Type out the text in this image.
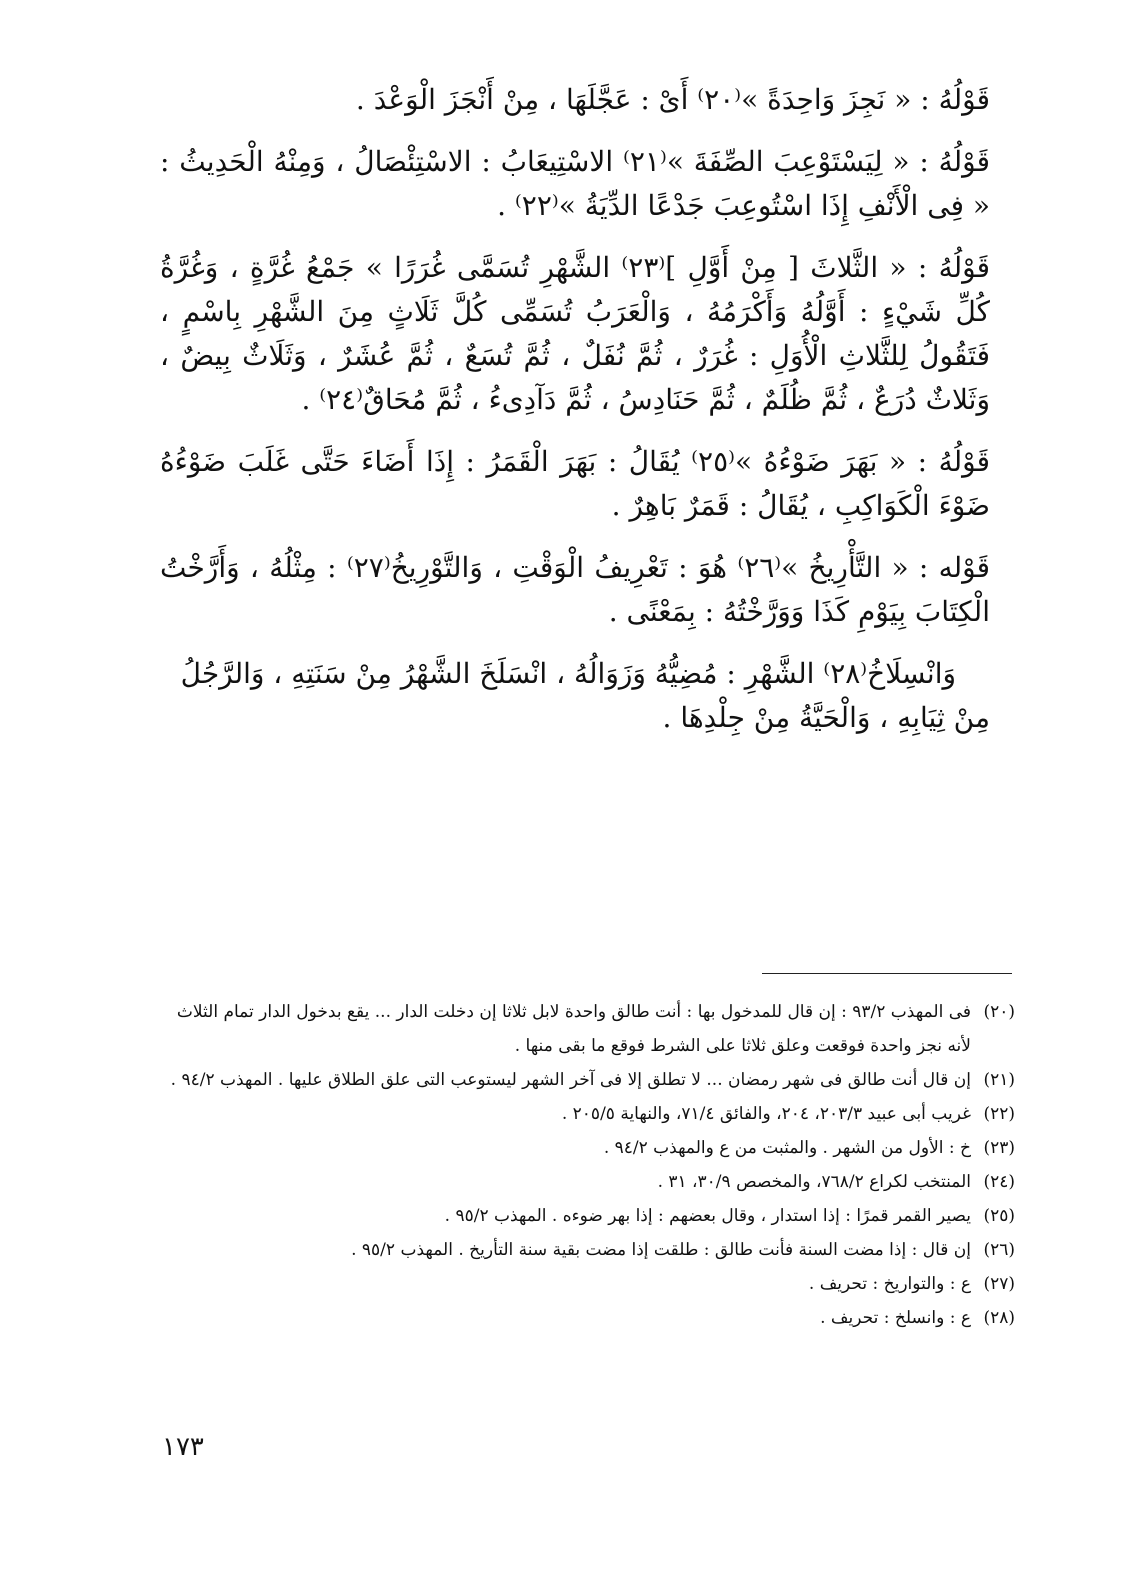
قَوْلُهُ : « نَجِزَ وَاحِدَةً »⁽٢٠⁾ أَىْ : عَجَّلَهَا ، مِنْ أَنْجَزَ الْوَعْدَ .

قَوْلُهُ : « لِيَسْتَوْعِبَ الصِّفَةَ »⁽٢١⁾ الاسْتِيعَابُ : الاسْتِئْصَالُ ، وَمِنْهُ الْحَدِيثُ : « فِى الْأَنْفِ إِذَا اسْتُوعِبَ جَدْعًا الدِّيَةُ »⁽٢٢⁾ .

قَوْلُهُ : « الثَّلاثَ [ مِنْ أَوَّلِ ]⁽٢٣⁾ الشَّهْرِ تُسَمَّى غُرَرًا » جَمْعُ غُرَّةٍ ، وَغُرَّةُ كُلِّ شَيْءٍ : أَوَّلُهُ وَأَكْرَمُهُ ، وَالْعَرَبُ تُسَمِّى كُلَّ ثَلَاثٍ مِنَ الشَّهْرِ بِاسْمٍ ، فَتَقُولُ لِلثَّلاثِ الْأُوَلِ : غُرَرٌ ، ثُمَّ نُفَلٌ ، ثُمَّ تُسَعٌ ، ثُمَّ عُشَرٌ ، وَثَلَاثٌ بِيضٌ ، وَثَلاثٌ دُرَعٌ ، ثُمَّ ظُلَمٌ ، ثُمَّ حَنَادِسُ ، ثُمَّ دَآدِىءُ ، ثُمَّ مُحَاقٌ⁽٢٤⁾ .

قَوْلُهُ : « بَهَرَ ضَوْءُهُ »⁽٢٥⁾ يُقَالُ : بَهَرَ الْقَمَرُ : إِذَا أَضَاءَ حَتَّى غَلَبَ ضَوْءُهُ ضَوْءَ الْكَوَاكِبِ ، يُقَالُ : قَمَرٌ بَاهِرٌ .

قَوْله : « التَّأْرِيخُ »⁽٢٦⁾ هُوَ : تَعْرِيفُ الْوَقْتِ ، وَالتَّوْرِيخُ⁽٢٧⁾ : مِثْلُهُ ، وَأَرَّخْتُ الْكِتَابَ بِيَوْمِ كَذَا وَوَرَّخْتُهُ : بِمَعْنًى .

وَانْسِلَاخُ⁽٢٨⁾ الشَّهْرِ : مُضِيُّهُ وَزَوَالُهُ ، انْسَلَخَ الشَّهْرُ مِنْ سَنَتِهِ ، وَالرَّجُلُ مِنْ ثِيَابِهِ ، وَالْحَيَّةُ مِنْ جِلْدِهَا .

(٢٠)
فى المهذب ٩٣/٢ : إن قال للمدخول بها : أنت طالق واحدة لابل ثلاثا إن دخلت الدار ... يقع بدخول الدار تمام الثلاث لأنه نجز واحدة فوقعت وعلق ثلاثا على الشرط فوقع ما بقى منها .
(٢١)
إن قال أنت طالق فى شهر رمضان ... لا تطلق إلا فى آخر الشهر ليستوعب التى علق الطلاق عليها . المهذب ٩٤/٢ .
(٢٢)
غريب أبى عبيد ٢٠٣/٣، ٢٠٤، والفائق ٧١/٤، والنهاية ٢٠٥/٥ .
(٢٣)
خ : الأول من الشهر . والمثبت من ع والمهذب ٩٤/٢ .
(٢٤)
المنتخب لكراع ٧٦٨/٢، والمخصص ٣٠/٩، ٣١ .
(٢٥)
يصير القمر قمرًا : إذا استدار ، وقال بعضهم : إذا بهر ضوءه . المهذب ٩٥/٢ .
(٢٦)
إن قال : إذا مضت السنة فأنت طالق : طلقت إذا مضت بقية سنة التأريخ . المهذب ٩٥/٢ .
(٢٧)
ع : والتواريخ : تحريف .
(٢٨)
ع : وانسلخ : تحريف .
١٧٣
